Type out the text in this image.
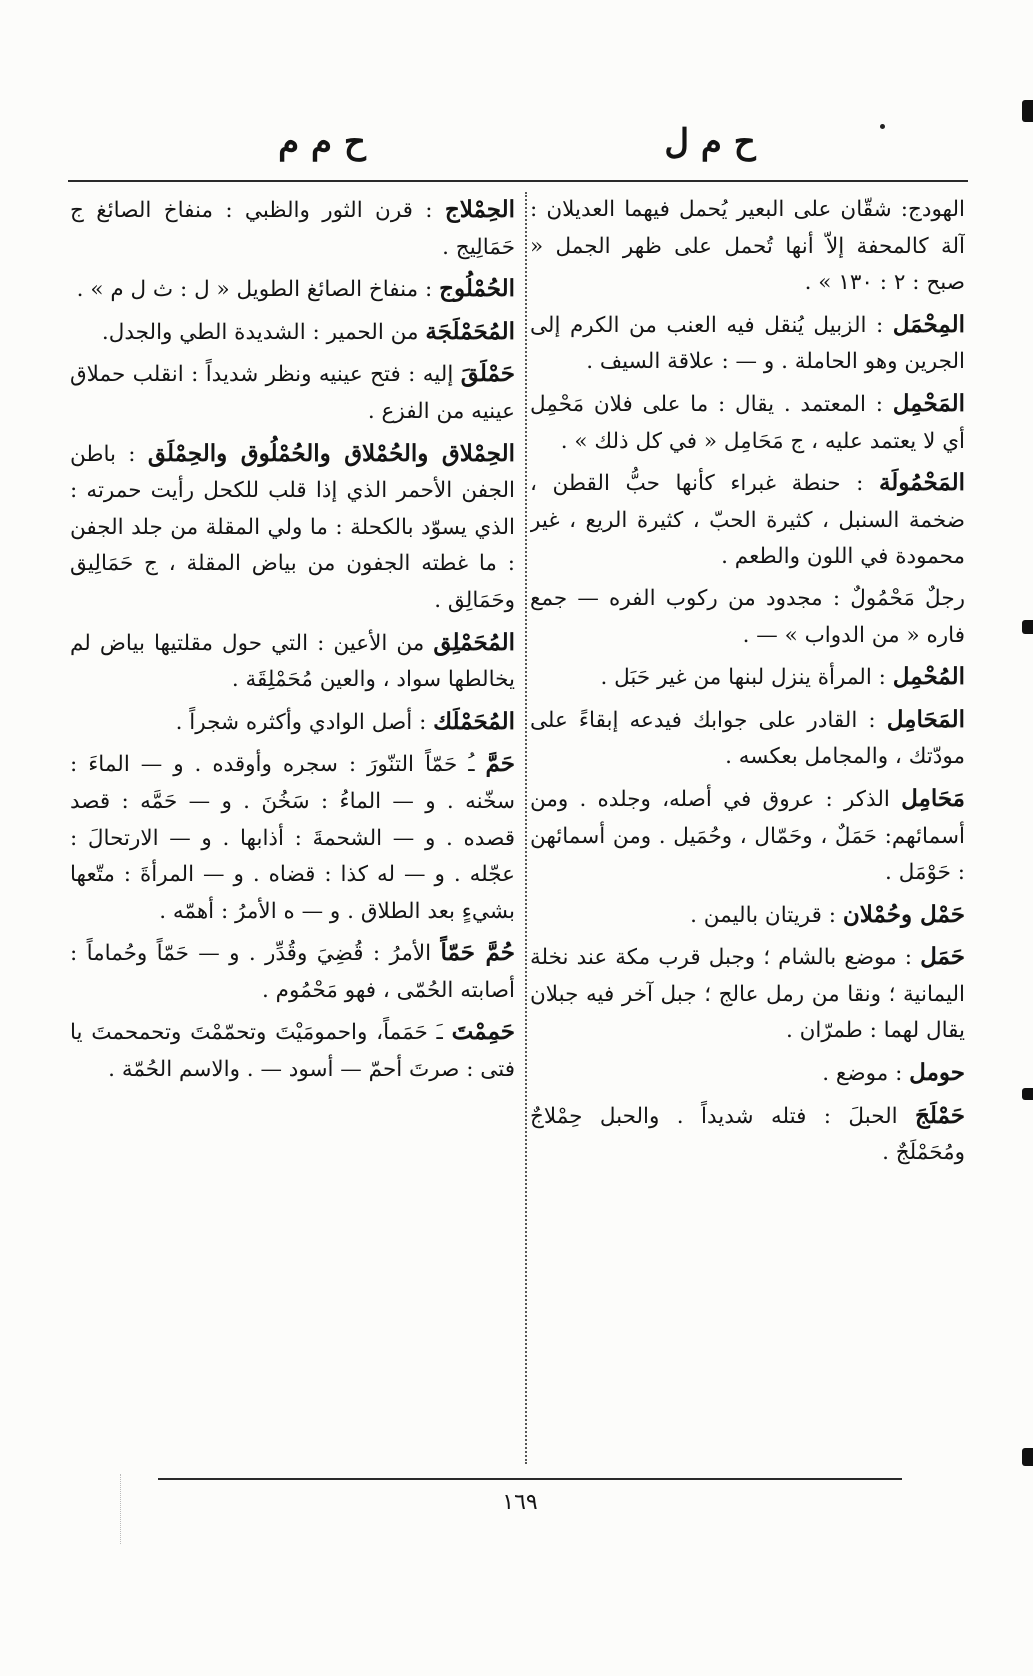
ح م ل
ح م م

الهودج: شقّان على البعير يُحمل فيهما العديلان : آلة كالمحفة إلاّ أنها تُحمل على ظهر الجمل « صبح : ٢ : ١٣٠ » .

المِحْمَل : الزبيل يُنقل فيه العنب من الكرم إلى الجرين وهو الحاملة . و — : علاقة السيف .

المَحْمِل : المعتمد . يقال : ما على فلان مَحْمِل أي لا يعتمد عليه ، ج مَحَامِل « في كل ذلك » .

المَحْمُولَة : حنطة غبراء كأنها حبُّ القطن ، ضخمة السنبل ، كثيرة الحبّ ، كثيرة الريع ، غير محمودة في اللون والطعم .

رجلٌ مَحْمُولٌ : مجدود من ركوب الفره — جمع فاره « من الدواب » — .

المُحْمِل : المرأة ينزل لبنها من غير حَبَل .

المَحَامِل : القادر على جوابك فيدعه إبقاءً على مودّتك ، والمجامل بعكسه .

مَحَامِل الذكر : عروق في أصله، وجلده . ومن أسمائهم: حَمَلٌ ، وحَمّال ، وحُمَيل . ومن أسمائهن : حَوْمَل .

حَمْل وحُمْلان : قريتان باليمن .

حَمَل : موضع بالشام ؛ وجبل قرب مكة عند نخلة اليمانية ؛ ونقا من رمل عالج ؛ جبل آخر فيه جبلان يقال لهما : طمرّان .

حومل : موضع .

حَمْلَجَ الحبلَ : فتله شديداً . والحبل حِمْلاجٌ ومُحَمْلَجٌ .

الحِمْلاج : قرن الثور والظبي : منفاخ الصائغ ج حَمَالِيج .

الحُمْلُوج : منفاخ الصائغ الطويل « ل : ث ل م » .

المُحَمْلَجَة من الحمير : الشديدة الطي والجدل.

حَمْلَقَ إليه : فتح عينيه ونظر شديداً : انقلب حملاق عينيه من الفزع .

الحِمْلاق والحُمْلاق والحُمْلُوق والحِمْلَق : باطن الجفن الأحمر الذي إذا قلب للكحل رأيت حمرته : الذي يسوّد بالكحلة : ما ولي المقلة من جلد الجفن : ما غطته الجفون من بياض المقلة ، ج حَمَالِيق وحَمَالِق .

المُحَمْلِق من الأعين : التي حول مقلتيها بياض لم يخالطها سواد ، والعين مُحَمْلِقَة .

المُحَمْلَك : أصل الوادي وأكثره شجراً .

حَمَّ ـُ حَمّاً التنّورَ : سجره وأوقده . و — الماءَ : سخّنه . و — الماءُ : سَخُنَ . و — حَمَّه : قصد قصده . و — الشحمةَ : أذابها . و — الارتحالَ : عجّله . و — له كذا : قضاه . و — المرأةَ : متّعها بشيءٍ بعد الطلاق . و — ه الأمرُ : أهمّه .

حُمَّ حَمّاً الأمرُ : قُضِيَ وقُدِّر . و — حَمّاً وحُماماً : أصابته الحُمّى ، فهو مَحْمُوم .

حَمِمْتَ ـَ حَمَماً، واحمومَيْتَ وتحمّمْتَ وتحمحمتَ يا فتى : صرتَ أحمّ — أسود — . والاسم الحُمّة .

١٦٩
